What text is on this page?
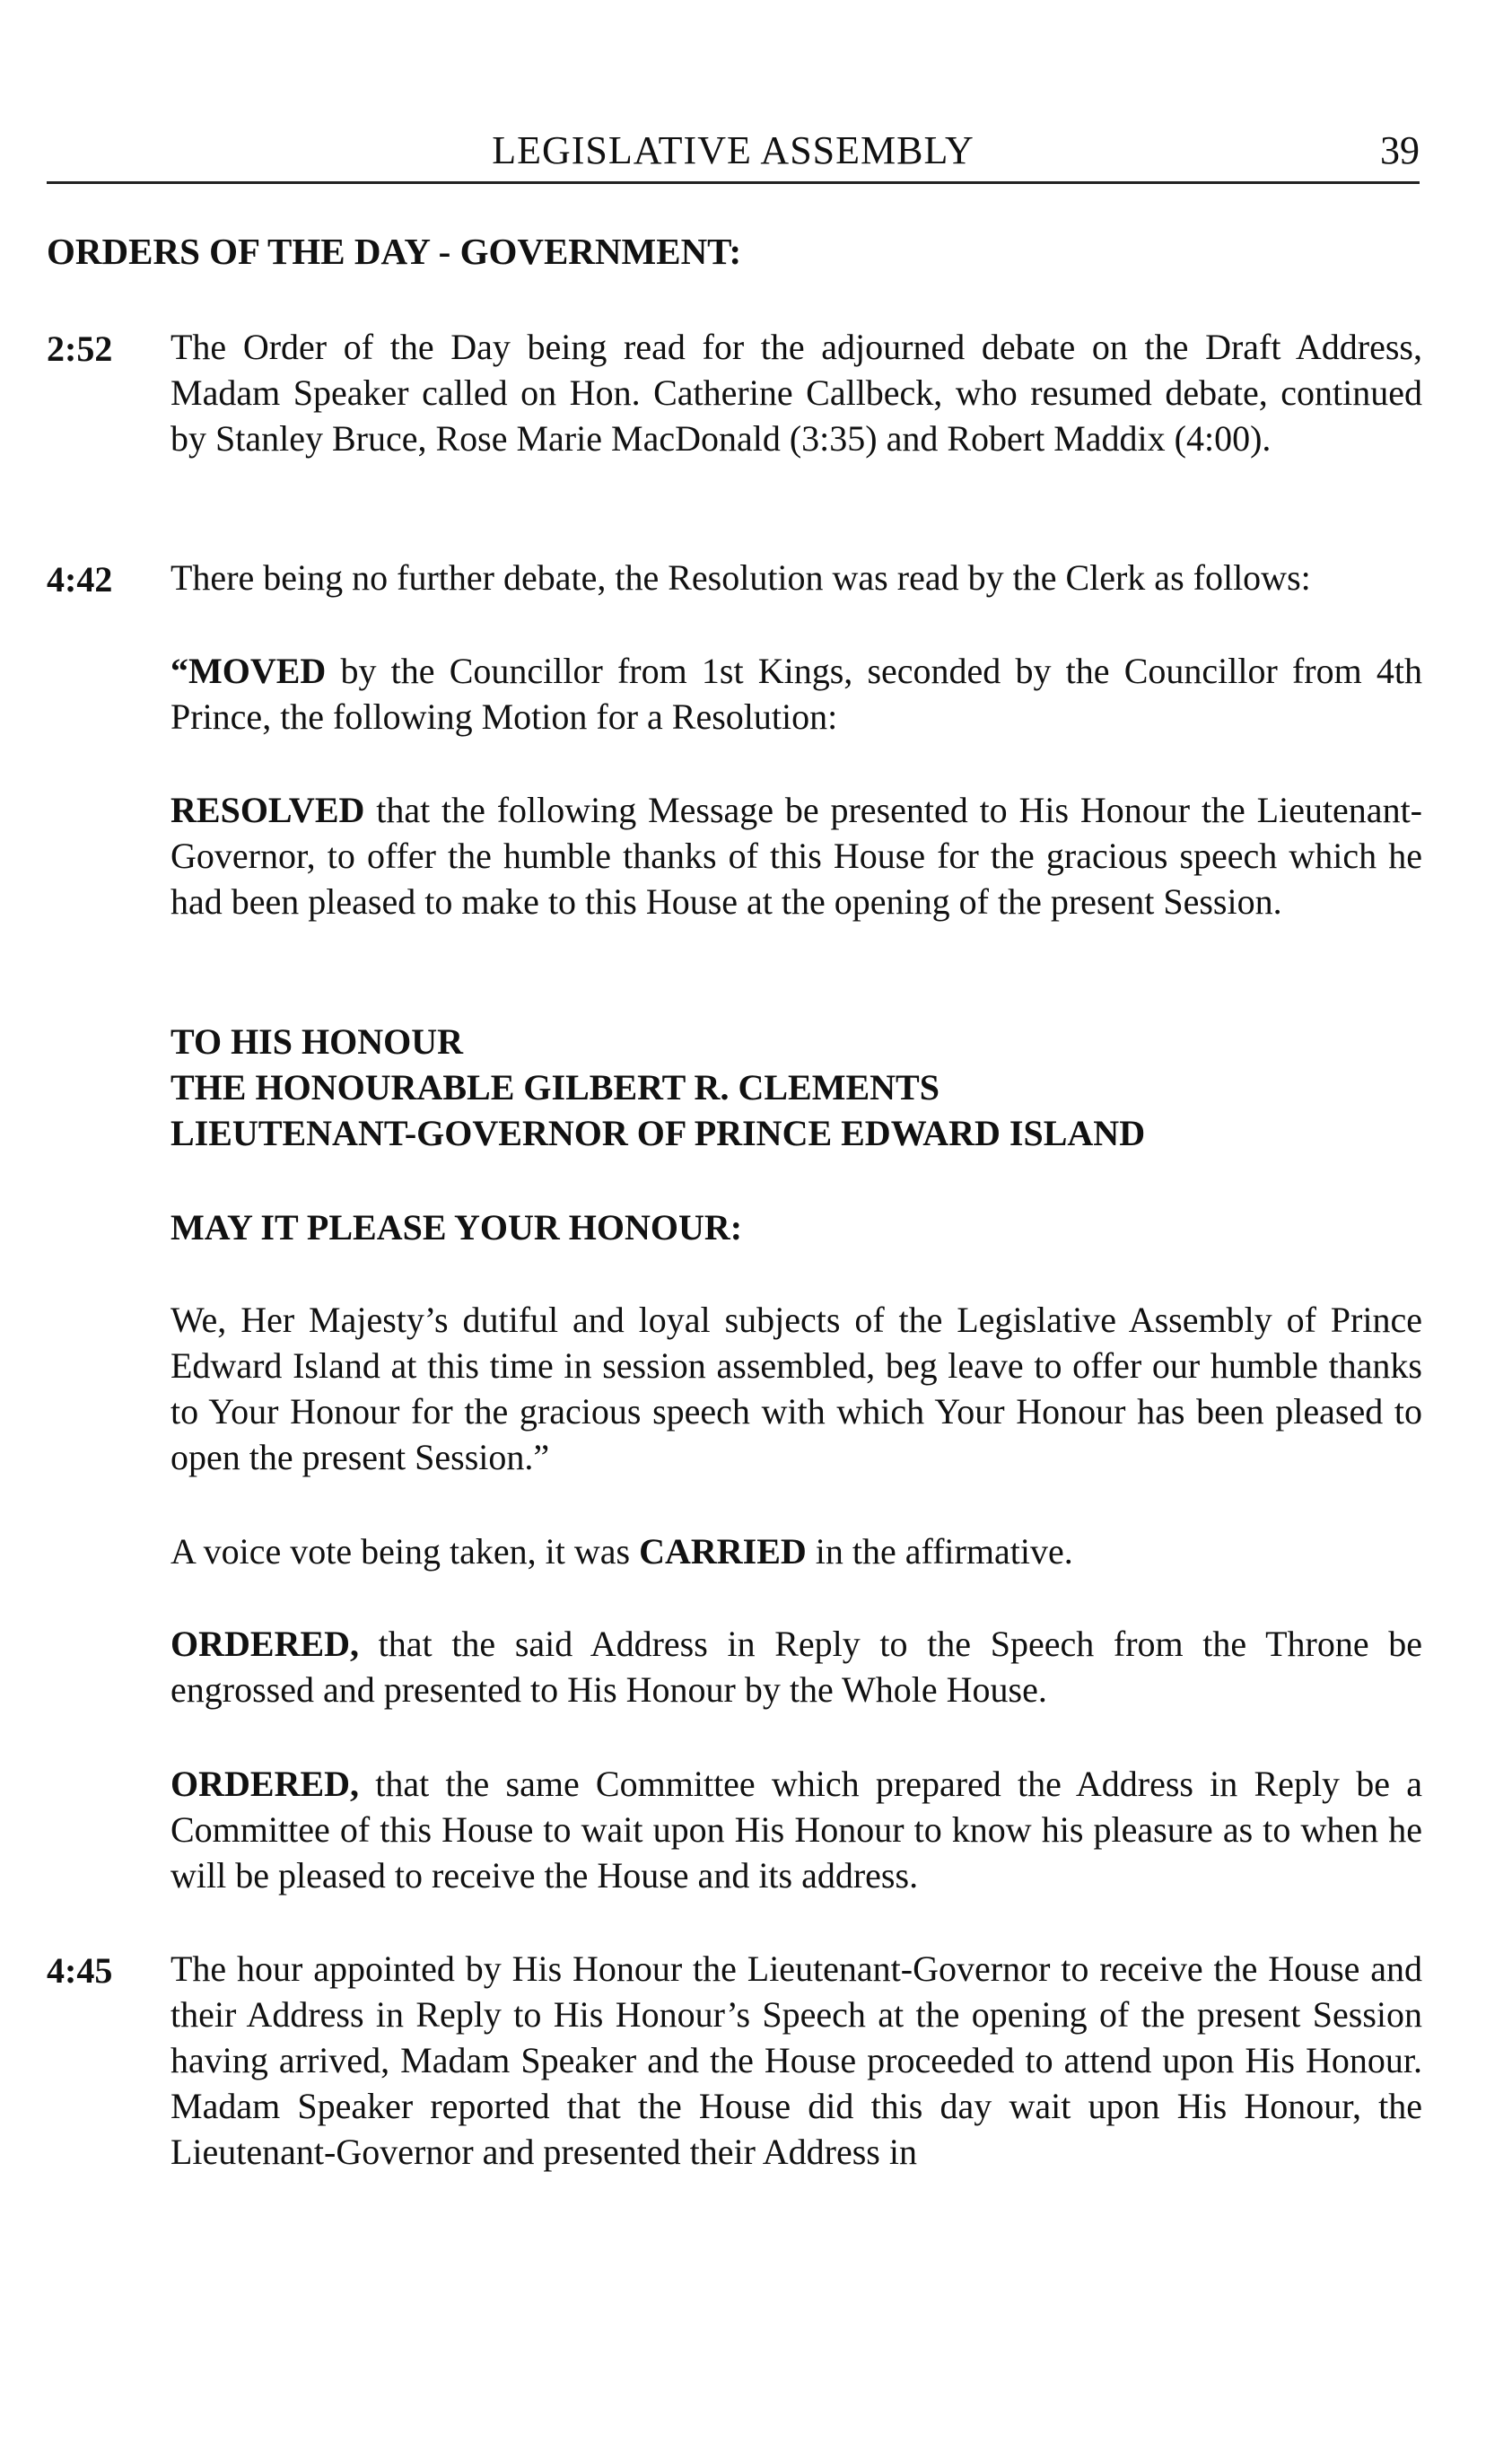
LEGISLATIVE ASSEMBLY	39
ORDERS OF THE DAY - GOVERNMENT:
2:52 The Order of the Day being read for the adjourned debate on the Draft Address, Madam Speaker called on Hon. Catherine Callbeck, who resumed debate, continued by Stanley Bruce, Rose Marie MacDonald (3:35) and Robert Maddix (4:00).
4:42 There being no further debate, the Resolution was read by the Clerk as follows:
“MOVED by the Councillor from 1st Kings, seconded by the Councillor from 4th Prince, the following Motion for a Resolution:
RESOLVED that the following Message be presented to His Honour the Lieutenant-Governor, to offer the humble thanks of this House for the gracious speech which he had been pleased to make to this House at the opening of the present Session.
TO HIS HONOUR
THE HONOURABLE GILBERT R. CLEMENTS
LIEUTENANT-GOVERNOR OF PRINCE EDWARD ISLAND
MAY IT PLEASE YOUR HONOUR:
We, Her Majesty’s dutiful and loyal subjects of the Legislative Assembly of Prince Edward Island at this time in session assembled, beg leave to offer our humble thanks to Your Honour for the gracious speech with which Your Honour has been pleased to open the present Session.”
A voice vote being taken, it was CARRIED in the affirmative.
ORDERED, that the said Address in Reply to the Speech from the Throne be engrossed and presented to His Honour by the Whole House.
ORDERED, that the same Committee which prepared the Address in Reply be a Committee of this House to wait upon His Honour to know his pleasure as to when he will be pleased to receive the House and its address.
4:45 The hour appointed by His Honour the Lieutenant-Governor to receive the House and their Address in Reply to His Honour’s Speech at the opening of the present Session having arrived, Madam Speaker and the House proceeded to attend upon His Honour. Madam Speaker reported that the House did this day wait upon His Honour, the Lieutenant-Governor and presented their Address in
